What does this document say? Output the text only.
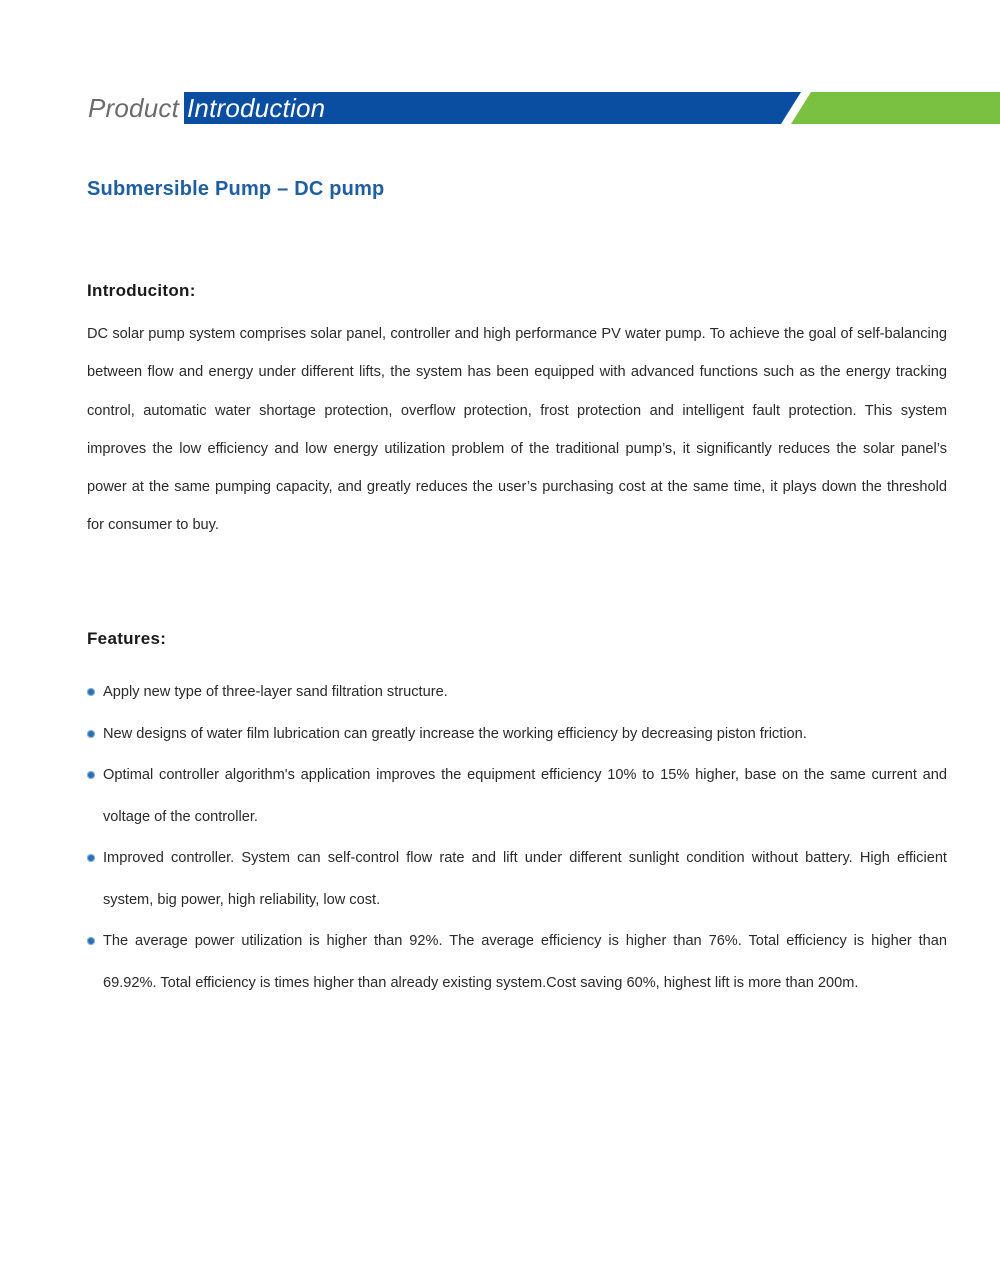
Product Introduction
Submersible Pump – DC pump
Introduciton:

DC solar pump system comprises solar panel, controller and high performance PV water pump. To achieve the goal of self-balancing between flow and energy under different lifts, the system has been equipped with advanced functions such as the energy tracking control, automatic water shortage protection, overflow protection, frost protection and intelligent fault protection. This system improves the low efficiency and low energy utilization problem of the traditional pump’s, it significantly reduces the solar panel’s power at the same pumping capacity, and greatly reduces the user’s purchasing cost at the same time, it plays down the threshold for consumer to buy.

Features:
Apply new type of three-layer sand filtration structure.
New designs of water film lubrication can greatly increase the working efficiency by decreasing piston friction.
Optimal controller algorithm's application improves the equipment efficiency 10% to 15% higher, base on the same current and voltage of the controller.
Improved controller. System can self-control flow rate and lift under different sunlight condition without battery. High efficient system, big power, high reliability, low cost.
The average power utilization is higher than 92%. The average efficiency is higher than 76%. Total efficiency is higher than 69.92%. Total efficiency is times higher than already existing system.Cost saving 60%, highest lift is more than 200m.
